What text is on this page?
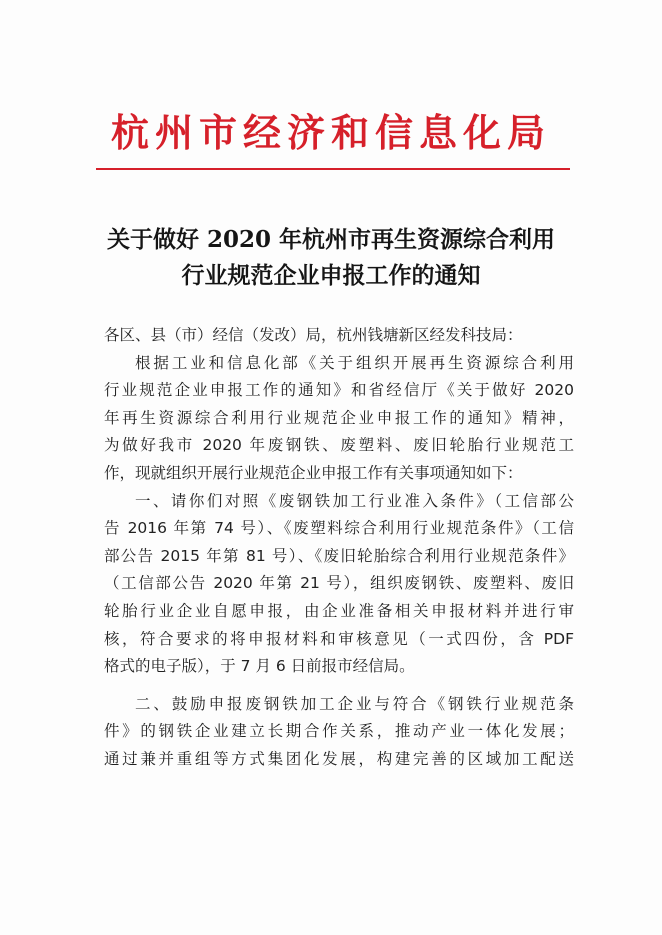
杭州市经济和信息化局
关于做好 2020 年杭州市再生资源综合利用
行业规范企业申报工作的通知
各区、县（市）经信（发改）局，杭州钱塘新区经发科技局：
根据工业和信息化部《关于组织开展再生资源综合利用
行业规范企业申报工作的通知》和省经信厅《关于做好 2020
年再生资源综合利用行业规范企业申报工作的通知》精神，
为做好我市 2020 年废钢铁、废塑料、废旧轮胎行业规范工
作，现就组织开展行业规范企业申报工作有关事项通知如下：
一、请你们对照《废钢铁加工行业准入条件》（工信部公
告 2016 年第 74 号）、《废塑料综合利用行业规范条件》（工信
部公告 2015 年第 81 号）、《废旧轮胎综合利用行业规范条件》
（工信部公告 2020 年第 21 号），组织废钢铁、废塑料、废旧
轮胎行业企业自愿申报，由企业准备相关申报材料并进行审
核，符合要求的将申报材料和审核意见（一式四份，含 PDF
格式的电子版），于 7 月 6 日前报市经信局。
二、鼓励申报废钢铁加工企业与符合《钢铁行业规范条
件》的钢铁企业建立长期合作关系，推动产业一体化发展；
通过兼并重组等方式集团化发展，构建完善的区域加工配送
